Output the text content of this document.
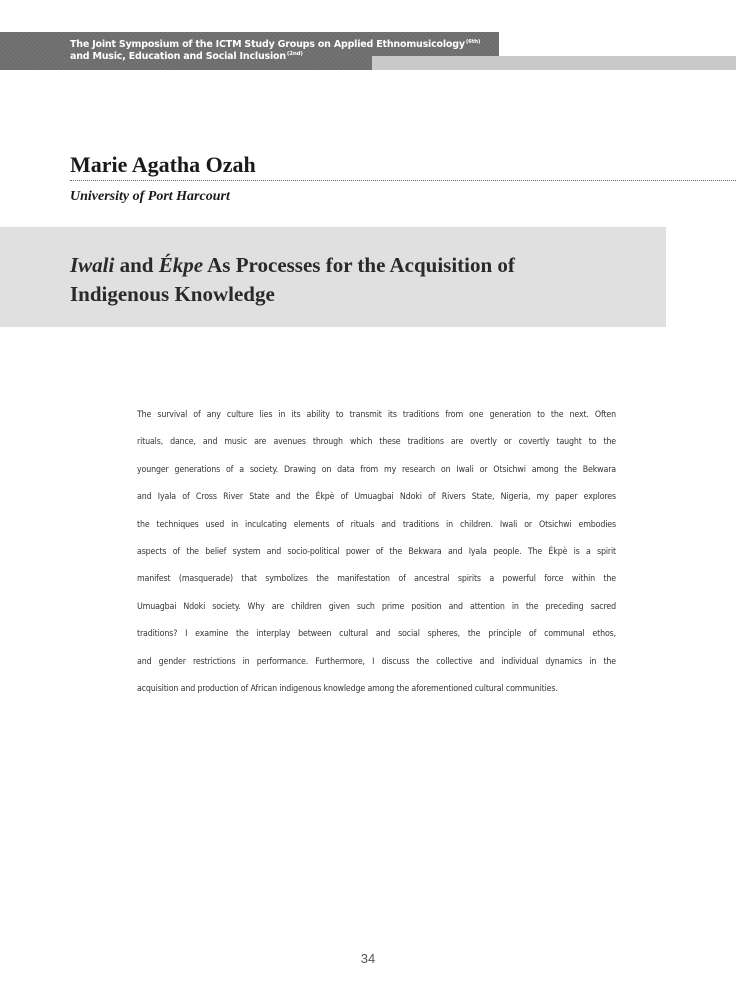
The Joint Symposium of the ICTM Study Groups on Applied Ethnomusicology$^{(6th)}$
and Music, Education and Social Inclusion$^{(2nd)}$
Marie Agatha Ozah
University of Port Harcourt
Iwali and Ékpe As Processes for the Acquisition of
Indigenous Knowledge
The survival of any culture lies in its ability to transmit its traditions from one generation to the next. Often
rituals, dance, and music are avenues through which these traditions are overtly or covertly taught to the
younger generations of a society. Drawing on data from my research on Iwali or Otsichwi among the Bekwara
and Iyala of Cross River State and the Ékpè of Umuagbai Ndoki of Rivers State, Nigeria, my paper explores
the techniques used in inculcating elements of rituals and traditions in children. Iwali or Otsichwi embodies
aspects of the belief system and socio-political power of the Bekwara and Iyala people. The Ékpè is a spirit
manifest (masquerade) that symbolizes the manifestation of ancestral spirits a powerful force within the
Umuagbai Ndoki society. Why are children given such prime position and attention in the preceding sacred
traditions? I examine the interplay between cultural and social spheres, the principle of communal ethos,
and gender restrictions in performance. Furthermore, I discuss the collective and individual dynamics in the
acquisition and production of African indigenous knowledge among the aforementioned cultural communities.
34
